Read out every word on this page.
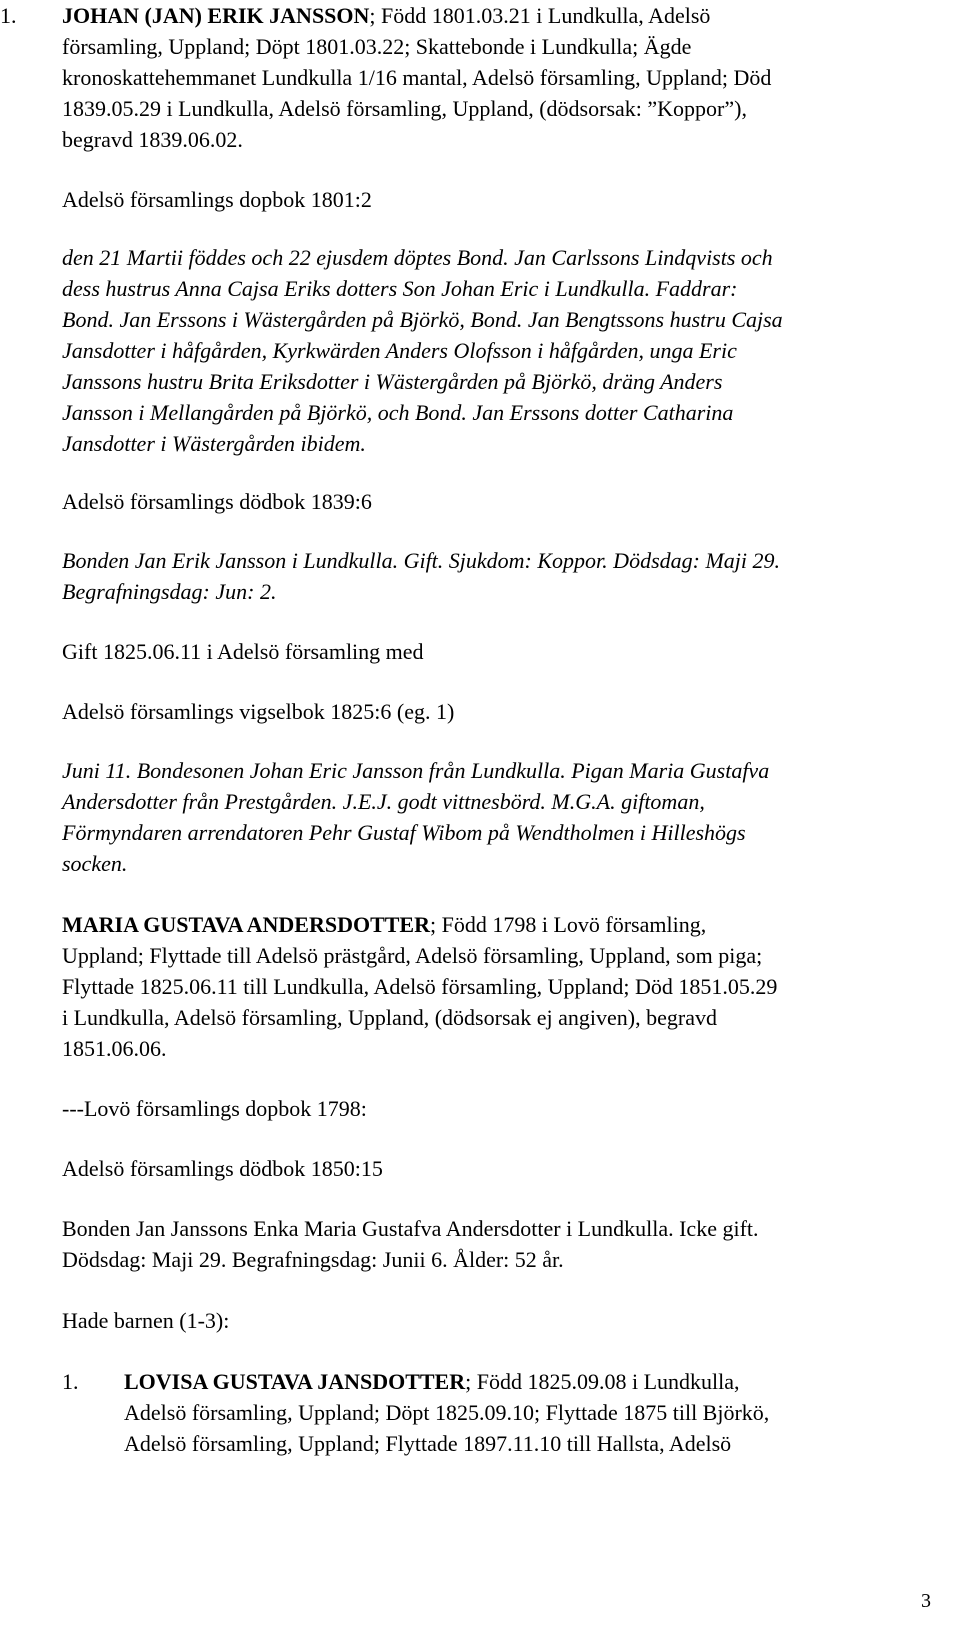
1. JOHAN (JAN) ERIK JANSSON; Född 1801.03.21 i Lundkulla, Adelsö
församling, Uppland; Döpt 1801.03.22; Skattebonde i Lundkulla; Ägde
kronoskattehemmanet Lundkulla 1/16 mantal, Adelsö församling, Uppland; Död
1839.05.29 i Lundkulla, Adelsö församling, Uppland, (dödsorsak: ”Koppor”),
begravd 1839.06.02.
Adelsö församlings dopbok 1801:2
den 21 Martii föddes och 22 ejusdem döptes Bond. Jan Carlssons Lindqvists och
dess hustrus Anna Cajsa Eriks dotters Son Johan Eric i Lundkulla. Faddrar:
Bond. Jan Erssons i Wästergården på Björkö, Bond. Jan Bengtssons hustru Cajsa
Jansdotter i håfgården, Kyrkwärden Anders Olofsson i håfgården, unga Eric
Janssons hustru Brita Eriksdotter i Wästergården på Björkö, dräng Anders
Jansson i Mellangården på Björkö, och Bond. Jan Erssons dotter Catharina
Jansdotter i Wästergården ibidem.
Adelsö församlings dödbok 1839:6
Bonden Jan Erik Jansson i Lundkulla. Gift. Sjukdom: Koppor. Dödsdag: Maji 29.
Begrafningsdag: Jun: 2.
Gift 1825.06.11 i Adelsö församling med
Adelsö församlings vigselbok 1825:6 (eg. 1)
Juni 11. Bondesonen Johan Eric Jansson från Lundkulla. Pigan Maria Gustafva
Andersdotter från Prestgården. J.E.J. godt vittnesbörd. M.G.A. giftoman,
Förmyndaren arrendatoren Pehr Gustaf Wibom på Wendtholmen i Hilleshögs
socken.
MARIA GUSTAVA ANDERSDOTTER; Född 1798 i Lovö församling,
Uppland; Flyttade till Adelsö prästgård, Adelsö församling, Uppland, som piga;
Flyttade 1825.06.11 till Lundkulla, Adelsö församling, Uppland; Död 1851.05.29
i Lundkulla, Adelsö församling, Uppland, (dödsorsak ej angiven), begravd
1851.06.06.
---Lovö församlings dopbok 1798:
Adelsö församlings dödbok 1850:15
Bonden Jan Janssons Enka Maria Gustafva Andersdotter i Lundkulla. Icke gift.
Dödsdag: Maji 29. Begrafningsdag: Junii 6. Ålder: 52 år.
Hade barnen (1-3):
1. LOVISA GUSTAVA JANSDOTTER; Född 1825.09.08 i Lundkulla,
Adelsö församling, Uppland; Döpt 1825.09.10; Flyttade 1875 till Björkö,
Adelsö församling, Uppland; Flyttade 1897.11.10 till Hallsta, Adelsö
3
